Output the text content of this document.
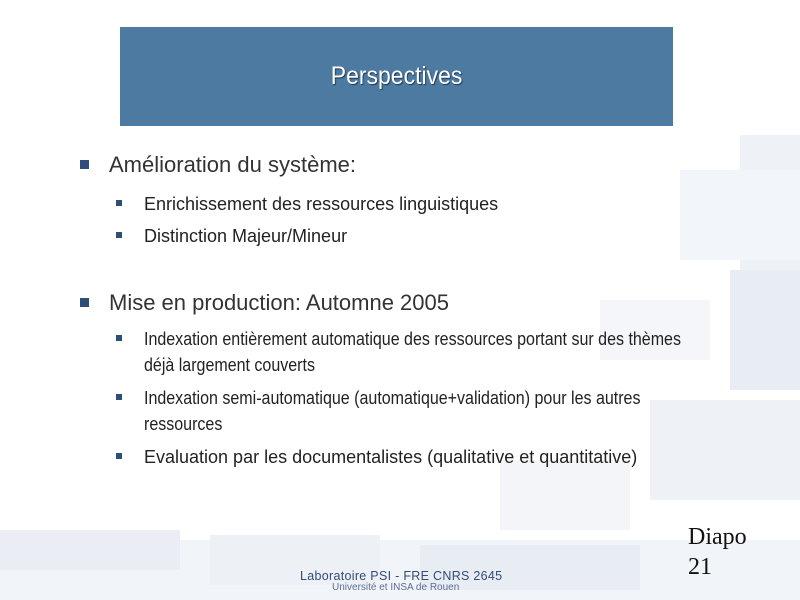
Perspectives
Amélioration du système:
Enrichissement des ressources linguistiques
Distinction Majeur/Mineur
Mise en production: Automne 2005
Indexation entièrement automatique des ressources portant sur des thèmes
déjà largement couverts
Indexation semi-automatique (automatique+validation) pour les autres
ressources
Evaluation par les documentalistes (qualitative et quantitative)
Diapo
21
Laboratoire PSI - FRE CNRS 2645
Université et INSA de Rouen
